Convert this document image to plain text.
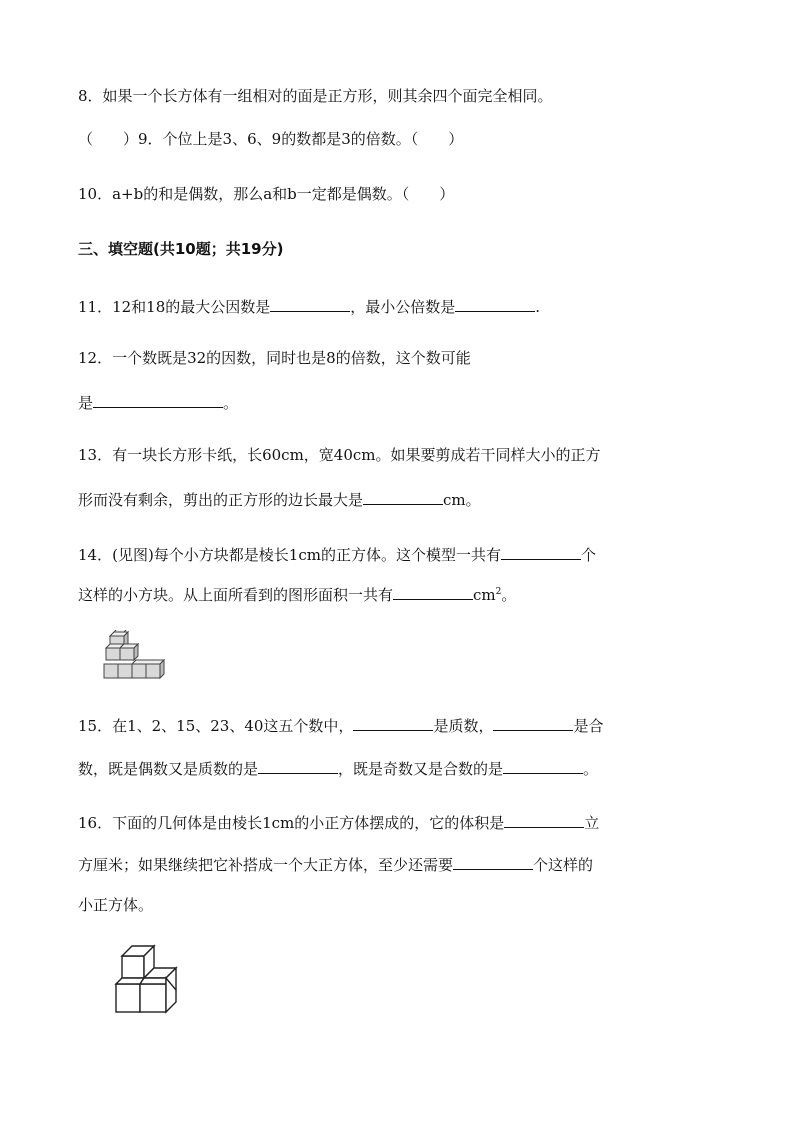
8．如果一个长方体有一组相对的面是正方形，则其余四个面完全相同。
（　　）9．个位上是3、6、9的数都是3的倍数。（　　）
10．a+b的和是偶数，那么a和b一定都是偶数。（　　）
三、填空题(共10题；共19分)
11．12和18的最大公因数是	，最小公倍数是	.
12．一个数既是32的因数，同时也是8的倍数，这个数可能
是	。
13．有一块长方形卡纸，长60cm，宽40cm。如果要剪成若干同样大小的正方
形而没有剩余，剪出的正方形的边长最大是	cm。
14．(见图)每个小方块都是棱长1cm的正方体。这个模型一共有	个
这样的小方块。从上面所看到的图形面积一共有	$cm^2$。
15．在1、2、15、23、40这五个数中，	是质数，	是合
数，既是偶数又是质数的是	，既是奇数又是合数的是	。
16．下面的几何体是由棱长1cm的小正方体摆成的，它的体积是	立
方厘米；如果继续把它补搭成一个大正方体，至少还需要	个这样的
小正方体。
